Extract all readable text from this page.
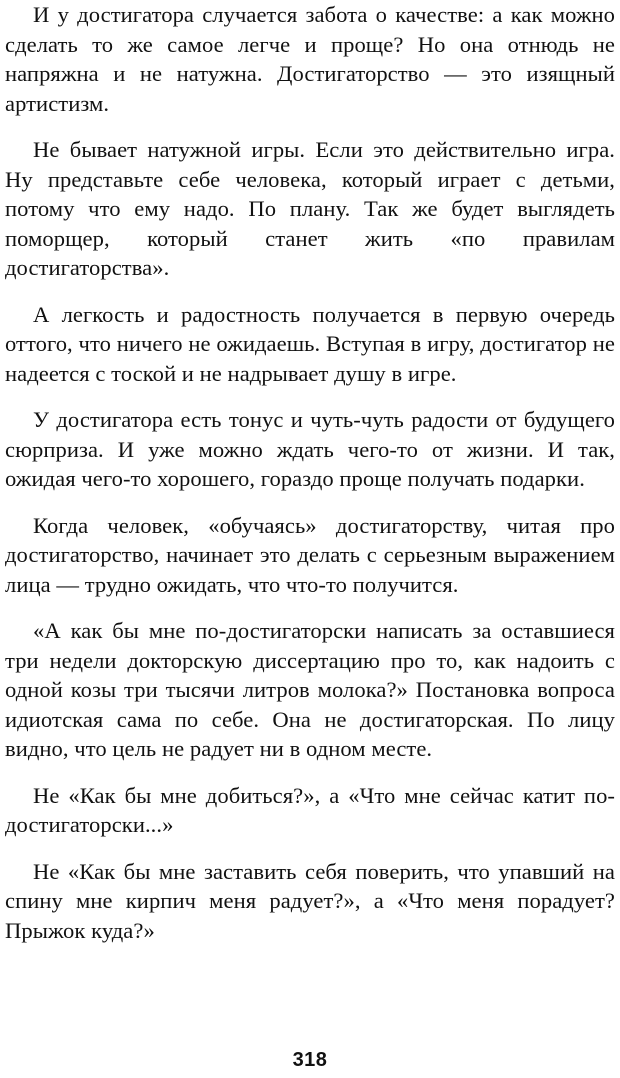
И у достигатора случается забота о качестве: а как можно сделать то же самое легче и проще? Но она отнюдь не напряжна и не натужна. Достигаторство — это изящный артистизм.

Не бывает натужной игры. Если это действительно игра. Ну представьте себе человека, который играет с детьми, потому что ему надо. По плану. Так же будет выглядеть поморщер, который станет жить «по правилам достигаторства».

А легкость и радостность получается в первую очередь оттого, что ничего не ожидаешь. Вступая в игру, достигатор не надеется с тоской и не надрывает душу в игре.

У достигатора есть тонус и чуть-чуть радости от будущего сюрприза. И уже можно ждать чего-то от жизни. И так, ожидая чего-то хорошего, гораздо проще получать подарки.

Когда человек, «обучаясь» достигаторству, читая про достигаторство, начинает это делать с серьезным выражением лица — трудно ожидать, что что-то получится.

«А как бы мне по-достигаторски написать за оставшиеся три недели докторскую диссертацию про то, как надоить с одной козы три тысячи литров молока?» Постановка вопроса идиотская сама по себе. Она не достигаторская. По лицу видно, что цель не радует ни в одном месте.

Не «Как бы мне добиться?», а «Что мне сейчас катит по-достигаторски...»

Не «Как бы мне заставить себя поверить, что упавший на спину мне кирпич меня радует?», а «Что меня порадует? Прыжок куда?»

318
